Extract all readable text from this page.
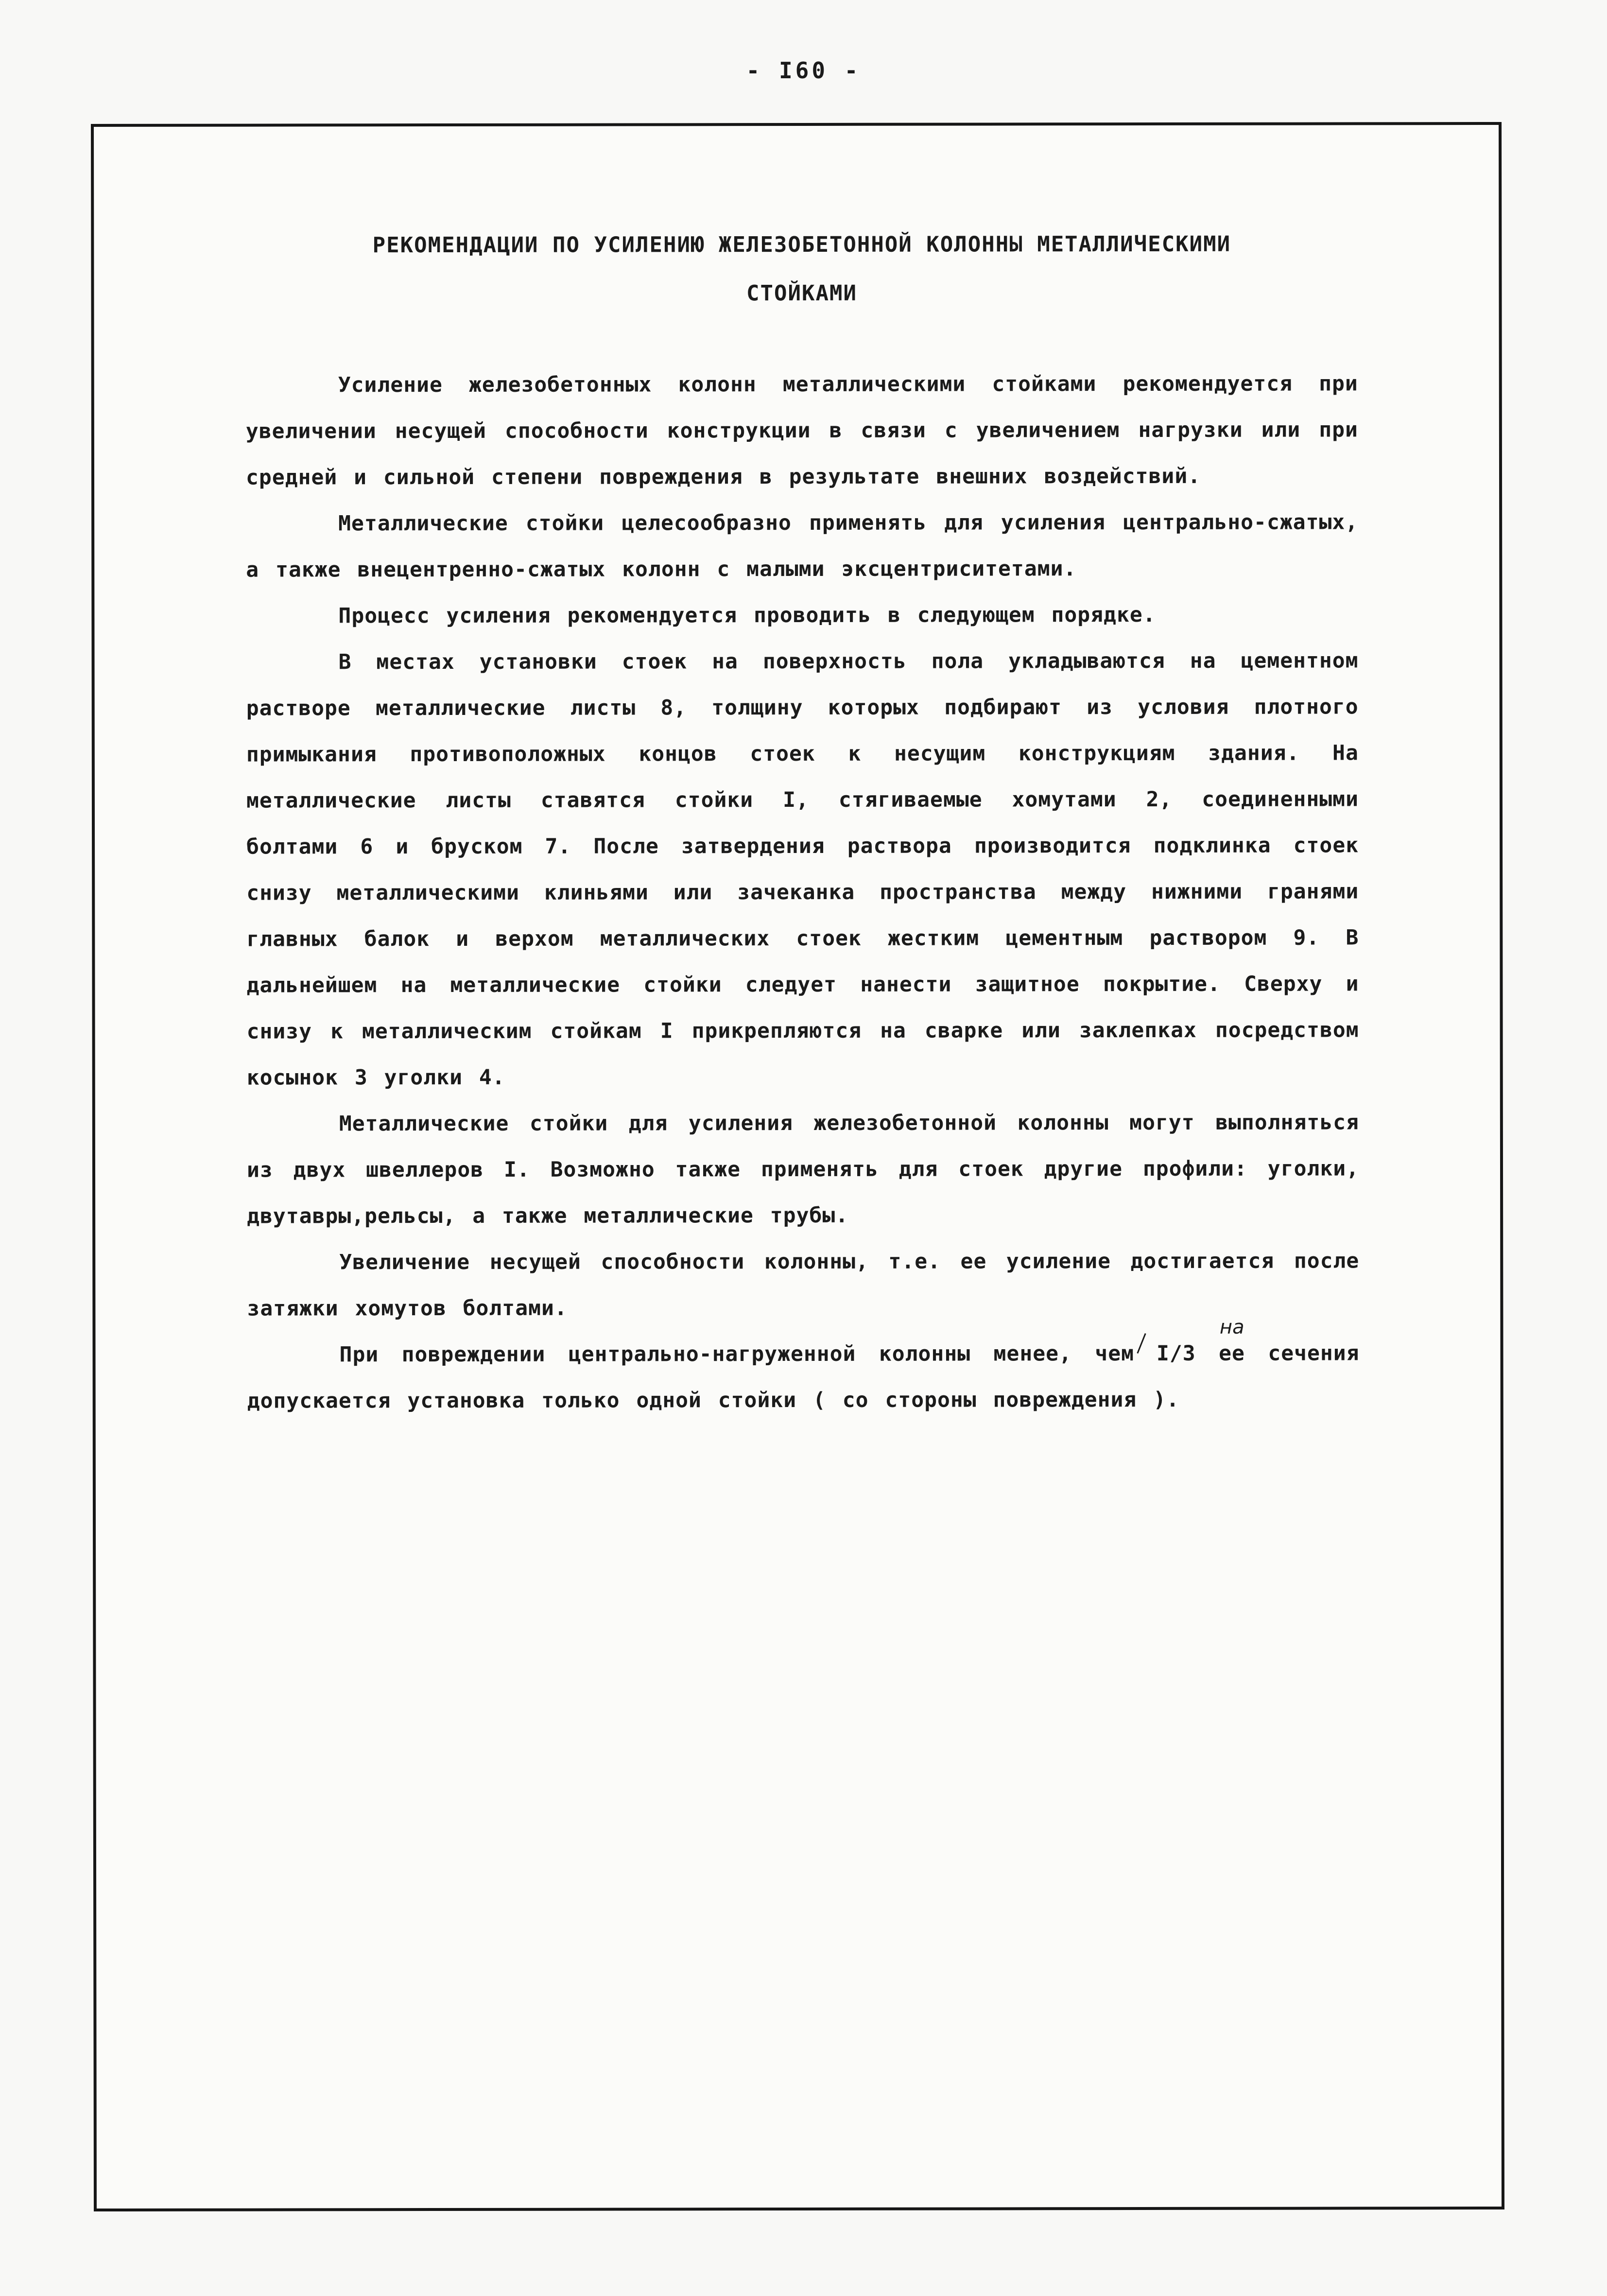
- I60 -
РЕКОМЕНДАЦИИ ПО УСИЛЕНИЮ ЖЕЛЕЗОБЕТОННОЙ КОЛОННЫ МЕТАЛЛИЧЕСКИМИ
СТОЙКАМИ

Усиление железобетонных колонн металлическими стойками рекомендуется при увеличении несущей способности конструкции в связи с увеличением нагрузки или при средней и сильной степени повреждения в результате внешних воздействий.

Металлические стойки целесообразно применять для усиления центрально-сжатых, а также внецентренно-сжатых колонн с малыми эксцентриситетами.

Процесс усиления рекомендуется проводить в следующем порядке.

В местах установки стоек на поверхность пола укладываются на цементном растворе металлические листы 8, толщину которых подбирают из условия плотного примыкания противоположных концов стоек к несущим конструкциям здания. На металлические листы ставятся стойки I, стягиваемые хомутами 2, соединенными болтами 6 и бруском 7. После затвердения раствора производится подклинка стоек снизу металлическими клиньями или зачеканка пространства между нижними гранями главных балок и верхом металлических стоек жестким цементным раствором 9. В дальнейшем на металлические стойки следует нанести защитное покрытие. Сверху и снизу к металлическим стойкам I прикрепляются на сварке или заклепках посредством косынок 3 уголки 4.

Металлические стойки для усиления железобетонной колонны могут выполняться из двух швеллеров I. Возможно также применять для стоек другие профили: уголки, двутавры,рельсы, а также металлические трубы.

Увеличение несущей способности колонны, т.е. ее усиление достигается после затяжки хомутов болтами.

При повреждении центрально-нагруженной колонны менее, чем
на
I/3 ее сечения допускается установка только одной стойки ( со стороны повреждения ).
